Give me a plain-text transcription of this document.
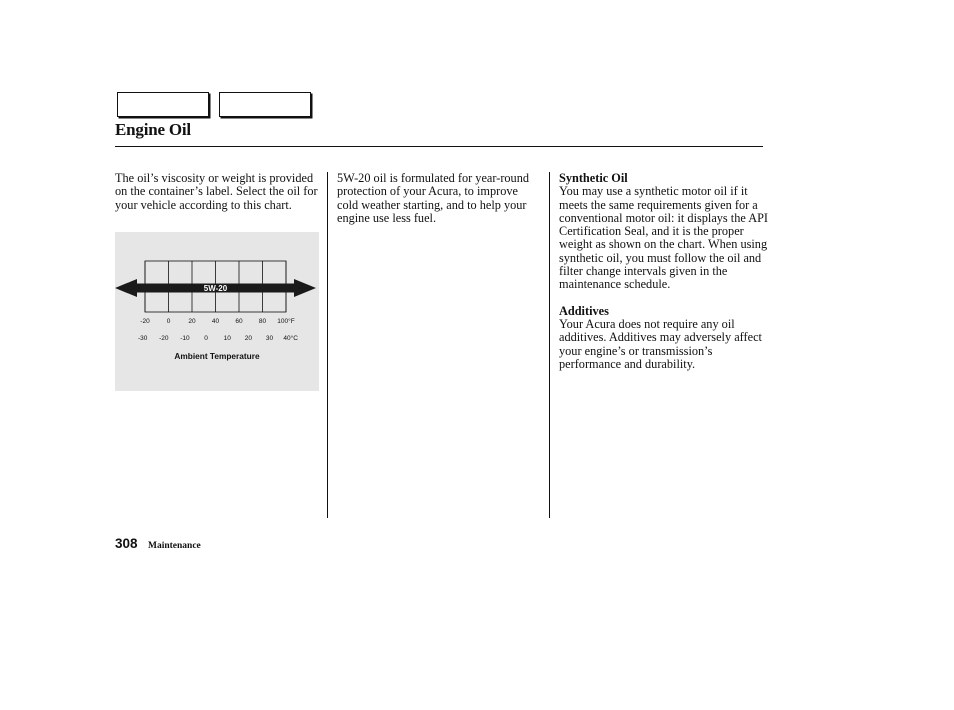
Engine Oil

The oil’s viscosity or weight is provided on the container’s label. Select the oil for your vehicle according to this chart.

5W-20
-20	0	20	40	60	80 100°F
-30 -20 -10 0 10 20 30 40°C
Ambient Temperature

5W-20 oil is formulated for year-round protection of your Acura, to improve cold weather starting, and to help your engine use less fuel.

Synthetic Oil

You may use a synthetic motor oil if it meets the same requirements given for a conventional motor oil: it displays the API Certification Seal, and it is the proper weight as shown on the chart. When using synthetic oil, you must follow the oil and filter change intervals given in the maintenance schedule.

Additives

Your Acura does not require any oil additives. Additives may adversely affect your engine’s or transmission’s performance and durability.

308 Maintenance
